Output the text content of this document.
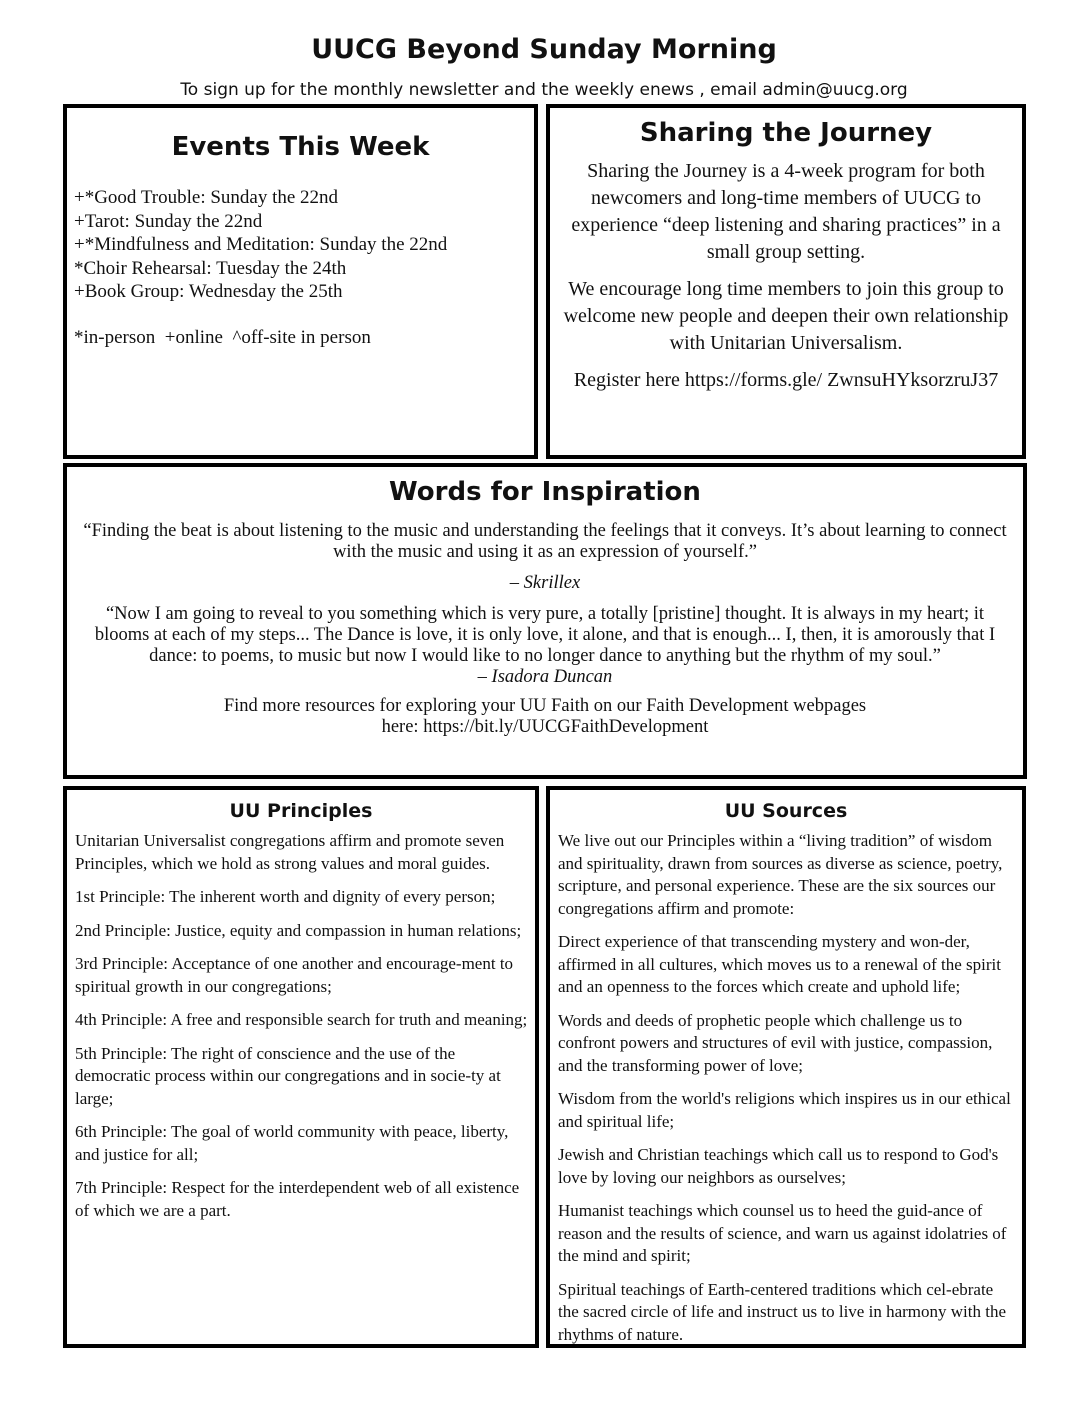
UUCG Beyond Sunday Morning
To sign up for the monthly newsletter and the weekly enews , email admin@uucg.org
Events This Week
+*Good Trouble: Sunday the 22nd
+Tarot: Sunday the 22nd
+*Mindfulness and Meditation: Sunday the 22nd
*Choir Rehearsal: Tuesday the 24th
+Book Group: Wednesday the 25th
*in-person  +online  ^off-site in person
Sharing the Journey

Sharing the Journey is a 4-week program for both newcomers and long-time members of UUCG to experience “deep listening and sharing practices” in a small group setting.

We encourage long time members to join this group to welcome new people and deepen their own relationship with Unitarian Universalism.

Register here https://forms.gle/ ZwnsuHYksorzruJ37

Words for Inspiration

“Finding the beat is about listening to the music and understanding the feelings that it conveys. It’s about learning to connect with the music and using it as an expression of yourself.”

– Skrillex

“Now I am going to reveal to you something which is very pure, a totally [pristine] thought. It is always in my heart; it blooms at each of my steps... The Dance is love, it is only love, it alone, and that is enough... I, then, it is amorously that I dance: to poems, to music but now I would like to no longer dance to anything but the rhythm of my soul.”

– Isadora Duncan

Find more resources for exploring your UU Faith on our Faith Development webpages here: https://bit.ly/UUCGFaithDevelopment

UU Principles

Unitarian Universalist congregations affirm and promote seven Principles, which we hold as strong values and moral guides.

1st Principle: The inherent worth and dignity of every person;

2nd Principle: Justice, equity and compassion in human relations;

3rd Principle: Acceptance of one another and encourage-ment to spiritual growth in our congregations;

4th Principle: A free and responsible search for truth and meaning;

5th Principle: The right of conscience and the use of the democratic process within our congregations and in socie-ty at large;

6th Principle: The goal of world community with peace, liberty, and justice for all;

7th Principle: Respect for the interdependent web of all existence of which we are a part.

UU Sources

We live out our Principles within a “living tradition” of wisdom and spirituality, drawn from sources as diverse as science, poetry, scripture, and personal experience. These are the six sources our congregations affirm and promote:

Direct experience of that transcending mystery and won-der, affirmed in all cultures, which moves us to a renewal of the spirit and an openness to the forces which create and uphold life;

Words and deeds of prophetic people which challenge us to confront powers and structures of evil with justice, compassion, and the transforming power of love;

Wisdom from the world's religions which inspires us in our ethical and spiritual life;

Jewish and Christian teachings which call us to respond to God's love by loving our neighbors as ourselves;

Humanist teachings which counsel us to heed the guid-ance of reason and the results of science, and warn us against idolatries of the mind and spirit;

Spiritual teachings of Earth-centered traditions which cel-ebrate the sacred circle of life and instruct us to live in harmony with the rhythms of nature.
